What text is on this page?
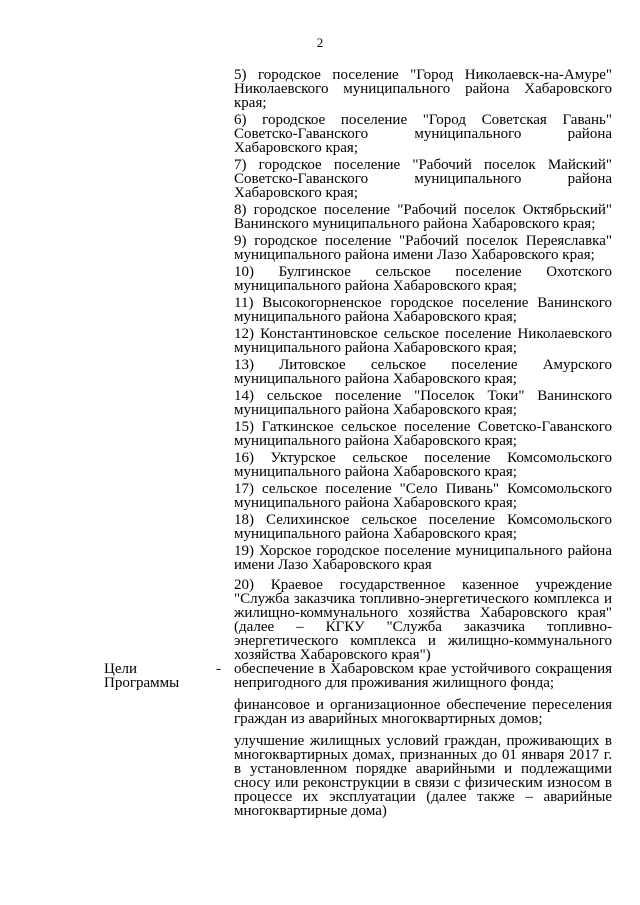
2

5) городское поселение "Город Николаевск-на-Амуре" Николаевского муниципального района Хабаровского края;

6) городское поселение "Город Советская Гавань" Советско-Гаванского муниципального района Хабаровского края;

7) городское поселение "Рабочий поселок Майский" Советско-Гаванского муниципального района Хабаровского края;

8) городское поселение "Рабочий поселок Октябрьский" Ванинского муниципального района Хабаровского края;

9) городское поселение "Рабочий поселок Переяславка" муниципального района имени Лазо Хабаровского края;

10) Булгинское сельское поселение Охотского муниципального района Хабаровского края;

11) Высокогорненское городское поселение Ванинского муниципального района Хабаровского края;

12) Константиновское сельское поселение Николаевского муниципального района Хабаровского края;

13) Литовское сельское поселение Амурского муниципального района Хабаровского края;

14) сельское поселение "Поселок Токи" Ванинского муниципального района Хабаровского края;

15) Гаткинское сельское поселение Советско-Гаванского муниципального района Хабаровского края;

16) Уктурское сельское поселение Комсомольского муниципального района Хабаровского края;

17) сельское поселение "Село Пивань" Комсомольского муниципального района Хабаровского края;

18) Селихинское сельское поселение Комсомольского муниципального района Хабаровского края;

19) Хорское городское поселение муниципального района имени Лазо Хабаровского края

20) Краевое государственное казенное учреждение "Служба заказчика топливно-энергетического комплекса и жилищно-коммунального хозяйства Хабаровского края" (далее – КГКУ "Служба заказчика топливно-энергетического комплекса и жилищно-коммунального хозяйства Хабаровского края")

Цели Программы
- обеспечение в Хабаровском крае устойчивого сокращения непригодного для проживания жилищного фонда;

финансовое и организационное обеспечение переселения граждан из аварийных многоквартирных домов;

улучшение жилищных условий граждан, проживающих в многоквартирных домах, признанных до 01 января 2017 г. в установленном порядке аварийными и подлежащими сносу или реконструкции в связи с физическим износом в процессе их эксплуатации (далее также – аварийные многоквартирные дома)
